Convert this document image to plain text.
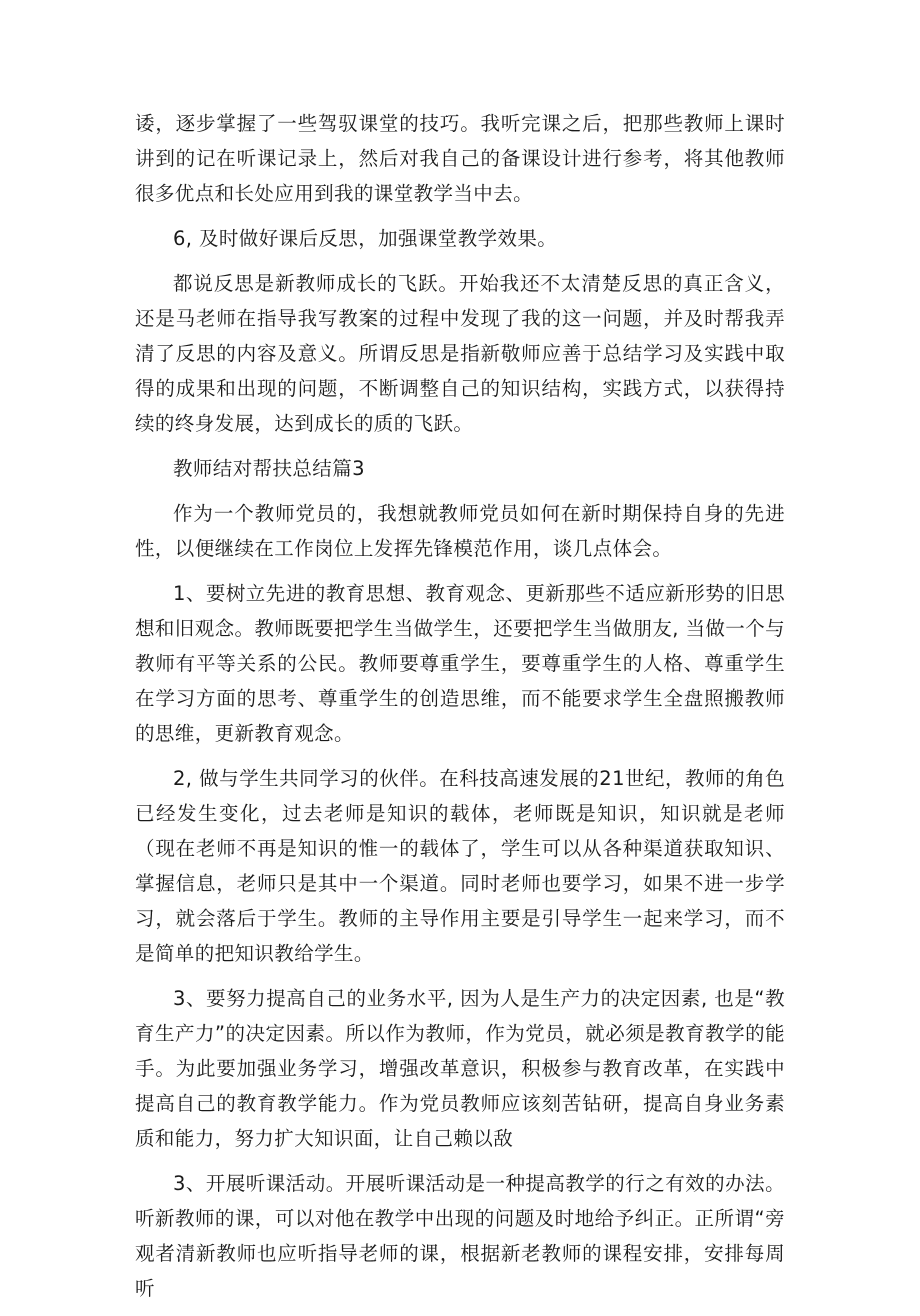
诿，逐步掌握了一些驾驭课堂的技巧。我听完课之后，把那些教师上课时讲到的记在听课记录上，然后对我自己的备课设计进行参考，将其他教师很多优点和长处应用到我的课堂教学当中去。

6, 及时做好课后反思，加强课堂教学效果。

都说反思是新教师成长的飞跃。开始我还不太清楚反思的真正含义，还是马老师在指导我写教案的过程中发现了我的这一问题，并及时帮我弄清了反思的内容及意义。所谓反思是指新敬师应善于总结学习及实践中取得的成果和出现的问题，不断调整自己的知识结构，实践方式，以获得持续的终身发展，达到成长的质的飞跃。

教师结对帮扶总结篇3

作为一个教师党员的，我想就教师党员如何在新时期保持自身的先进性，以便继续在工作岗位上发挥先锋模范作用，谈几点体会。

1、要树立先进的教育思想、教育观念、更新那些不适应新形势的旧思想和旧观念。教师既要把学生当做学生，还要把学生当做朋友, 当做一个与教师有平等关系的公民。教师要尊重学生，要尊重学生的人格、尊重学生在学习方面的思考、尊重学生的创造思维，而不能要求学生全盘照搬教师的思维，更新教育观念。

2, 做与学生共同学习的伙伴。在科技高速发展的21世纪，教师的角色已经发生变化，过去老师是知识的载体，老师既是知识，知识就是老师（现在老师不再是知识的惟一的载体了，学生可以从各种渠道获取知识、掌握信息，老师只是其中一个渠道。同时老师也要学习，如果不进一步学习，就会落后于学生。教师的主导作用主要是引导学生一起来学习，而不是简单的把知识教给学生。

3、要努力提高自己的业务水平, 因为人是生产力的决定因素, 也是“教育生产力”的决定因素。所以作为教师，作为党员，就必须是教育教学的能手。为此要加强业务学习，增强改革意识，积极参与教育改革，在实践中提高自己的教育教学能力。作为党员教师应该刻苦钻研，提高自身业务素质和能力，努力扩大知识面，让自己赖以敌

3、开展听课活动。开展听课活动是一种提高教学的行之有效的办法。听新教师的课，可以对他在教学中出现的问题及时地给予纠正。正所谓“旁观者清新教师也应听指导老师的课，根据新老教师的课程安排，安排每周听
